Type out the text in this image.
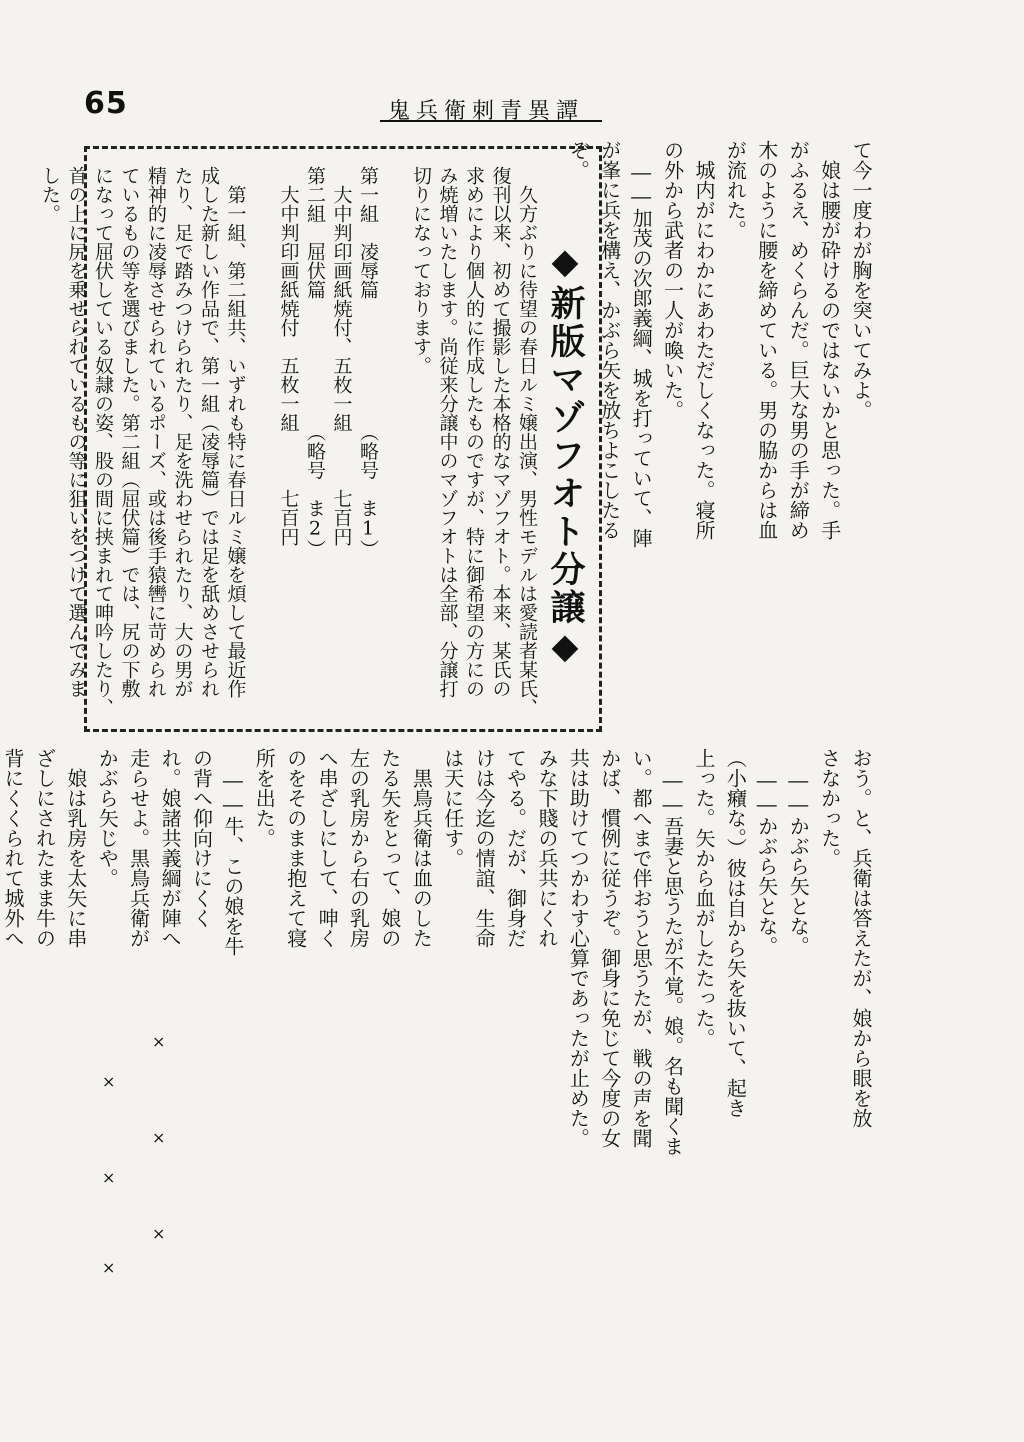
65	鬼兵衛刺青異譚
て今一度わが胸を突いてみよ。
　娘は腰が砕けるのではないかと思った。手
がふるえ、めくらんだ。巨大な男の手が締め
木のように腰を締めている。男の脇からは血
が流れた。
　城内がにわかにあわただしくなった。寝所
の外から武者の一人が喚いた。
　――加茂の次郎義綱、城を打っていて、陣
が峯に兵を構え、かぶら矢を放ちよこしたる
ぞ。
◆新版マゾフオト分譲◆
　久方ぶりに待望の春日ルミ嬢出演、男性モデルは愛読者某氏、
復刊以来、初めて撮影した本格的なマゾフオト。本来、某氏の
求めにより個人的に作成したものですが、特に御希望の方にの
み焼増いたします。尚従来分譲中のマゾフオトは全部、分譲打
切りになっております。

第一組　凌辱篇　　　　　　　（略号　ま1）
　大中判印画紙焼付、五枚一組　　　七百円
第二組　屈伏篇　　　　　　　（略号　ま2）
　大中判印画紙焼付　五枚一組　　　七百円

　第一組、第二組共、いずれも特に春日ルミ嬢を煩して最近作
成した新しい作品で、第一組（凌辱篇）では足を舐めさせられ
たり、足で踏みつけられたり、足を洗わせられたり、大の男が
精神的に凌辱させられているポーズ、或は後手猿轡に苛められ
ているもの等を選びました。第二組（屈伏篇）では、尻の下敷
になって屈伏している奴隷の姿、股の間に挟まれて呻吟したり、
首の上に尻を乗せられているもの等に狙いをつけて選んでみま
した。
おう。と、兵衛は答えたが、娘から眼を放
さなかった。
　――かぶら矢とな。
　――かぶら矢とな。
（小癪な。）彼は自から矢を抜いて、起き
上った。矢から血がしたたった。
　――吾妻と思うたが不覚。娘。名も聞くま
い。都へまで伴おうと思うたが、戦の声を聞
かば、慣例に従うぞ。御身に免じて今度の女
共は助けてつかわす心算であったが止めた。
みな下賤の兵共にくれ
てやる。だが、御身だ
けは今迄の情誼、生命
は天に任す。
　黒鳥兵衛は血のした
たる矢をとって、娘の
左の乳房から右の乳房
へ串ざしにして、呻く
のをそのまま抱えて寝
所を出た。
　――牛、この娘を牛
の背へ仰向けにくく
れ。娘諸共義綱が陣へ
走らせよ。黒鳥兵衛が
かぶら矢じや。
　娘は乳房を太矢に串
ざしにされたまま牛の
背にくくられて城外へ

×
×
×
×
×
×
